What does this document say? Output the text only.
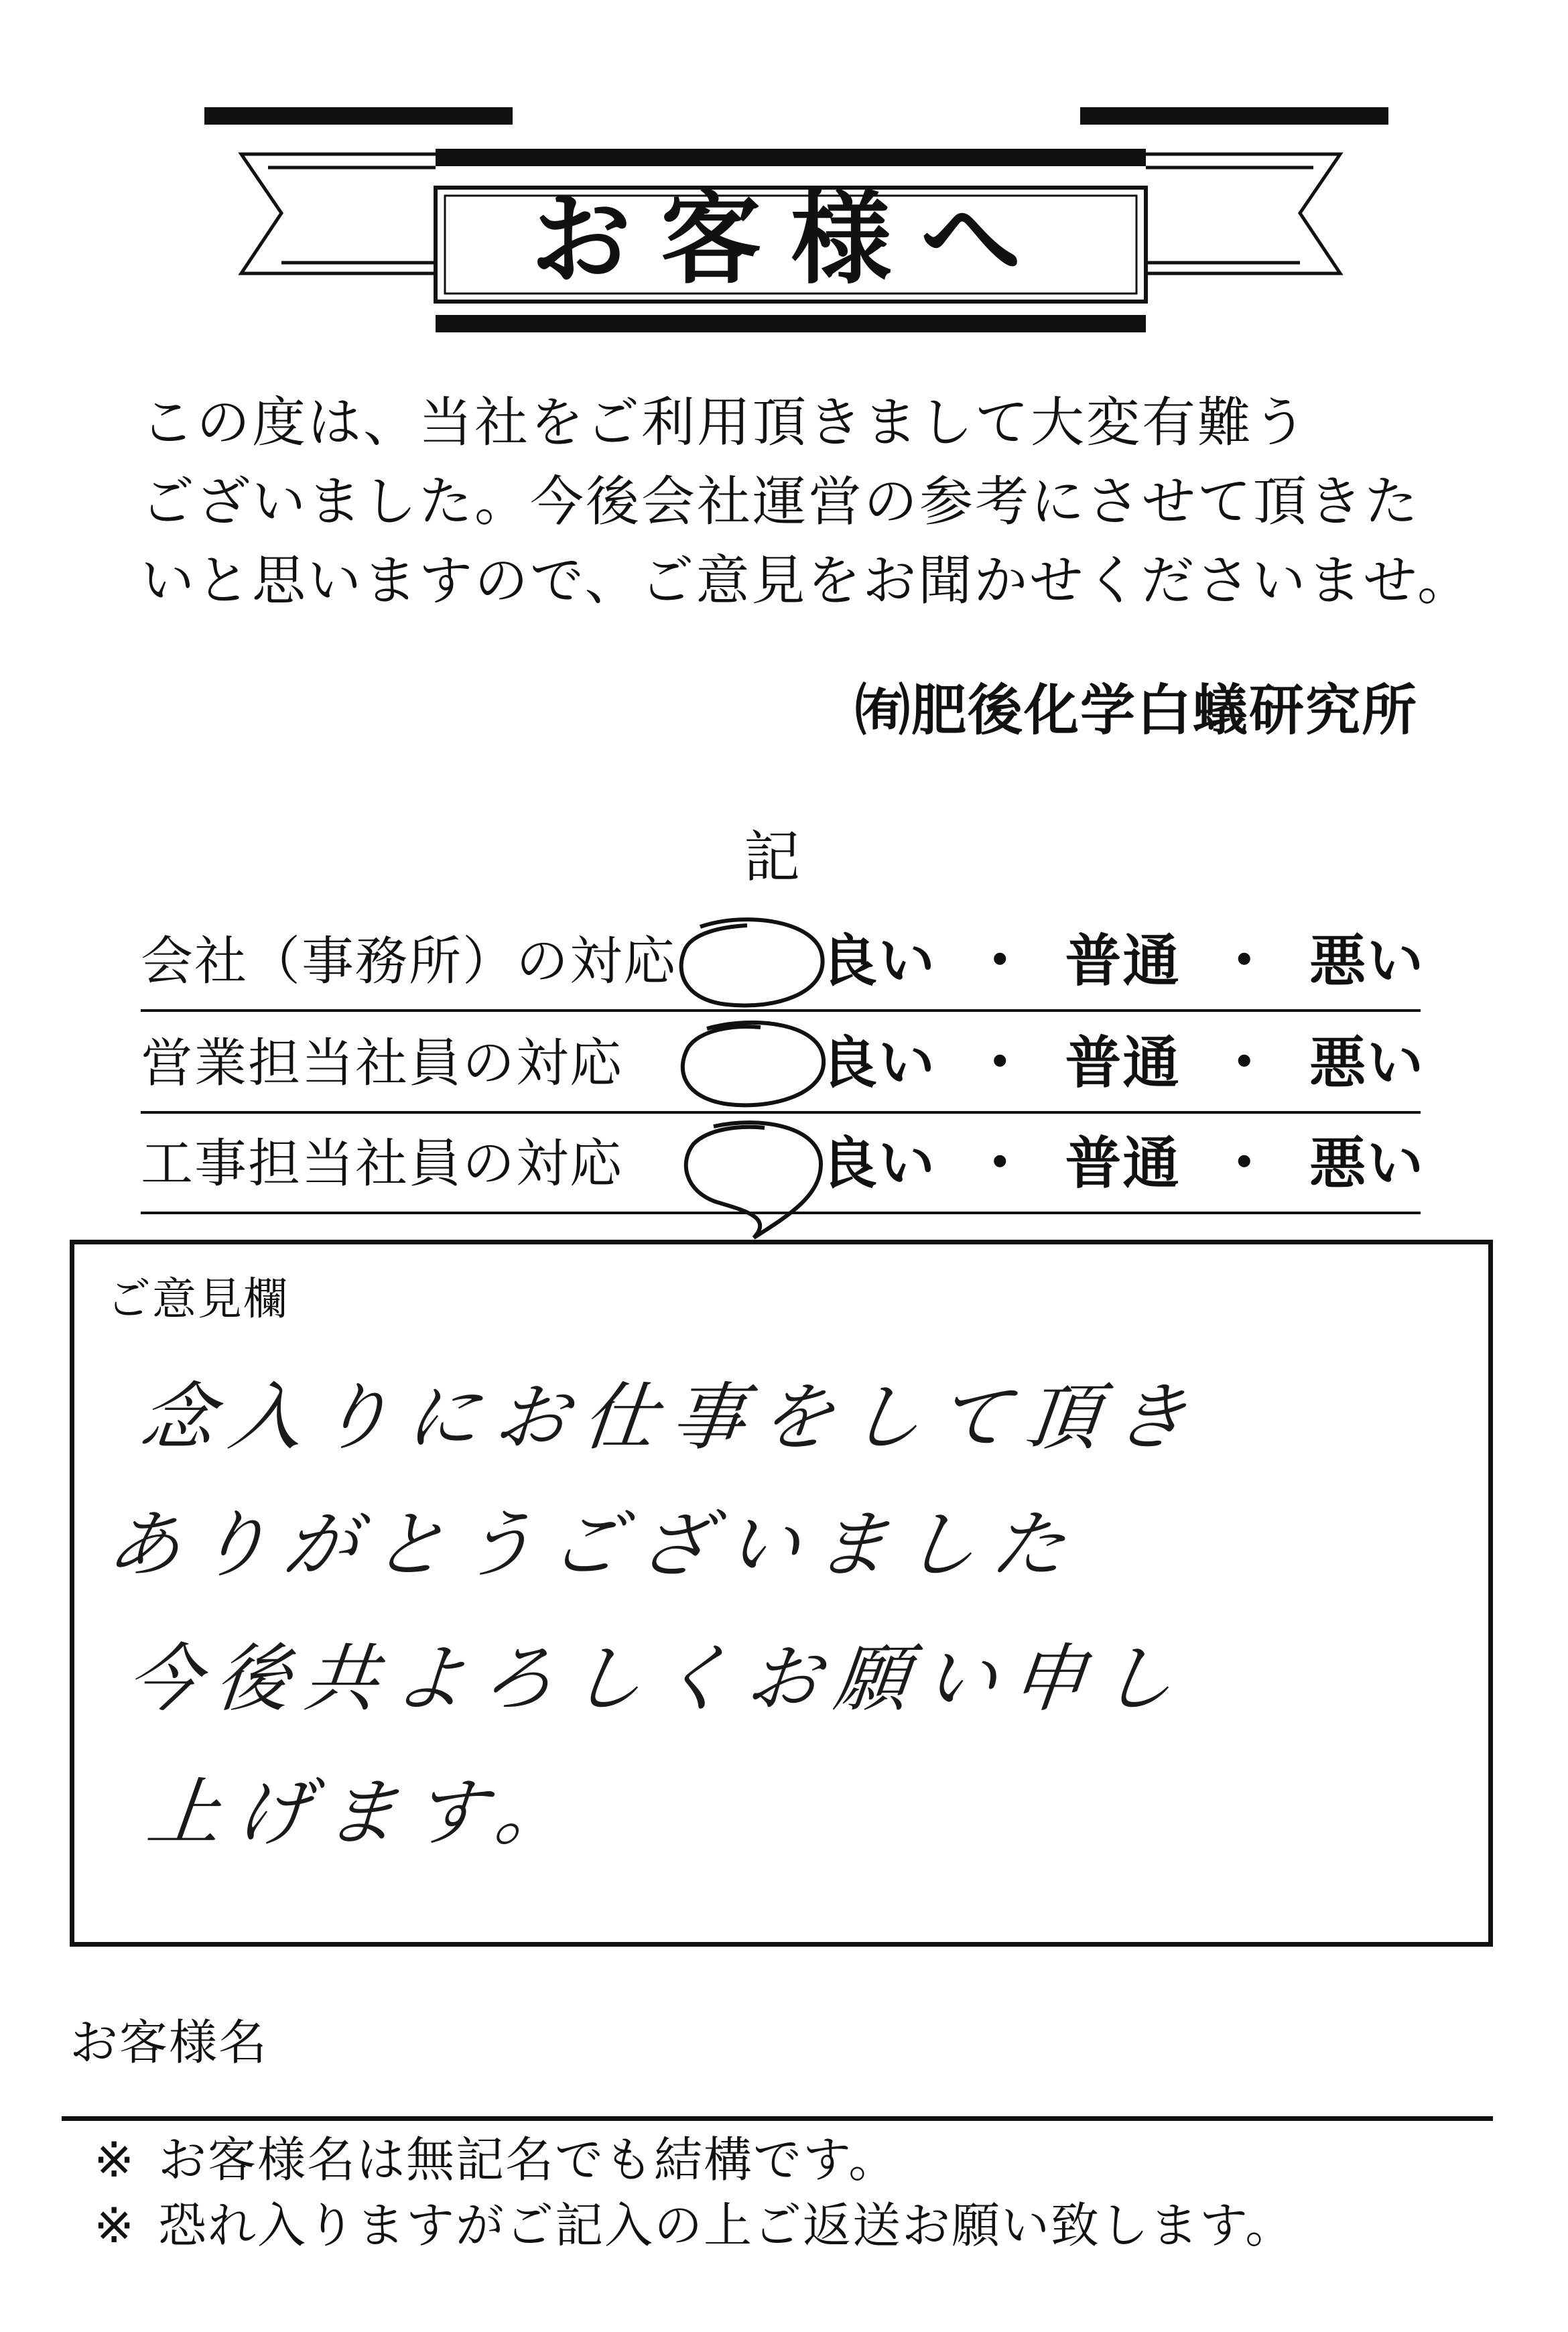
お客様へ
この度は、当社をご利用頂きまして大変有難う
ございました。今後会社運営の参考にさせて頂きた
いと思いますので、ご意見をお聞かせくださいませ。
㈲肥後化学白蟻研究所
記
会社（事務所）の対応	良い ・ 普通 ・ 悪い
営業担当社員の対応	良い ・ 普通 ・ 悪い
工事担当社員の対応	良い ・ 普通 ・ 悪い
ご意見欄
念入りにお仕事をして頂き
ありがとうございました
今後共よろしくお願い申し
上げます。
お客様名
※ お客様名は無記名でも結構です。
※ 恐れ入りますがご記入の上ご返送お願い致します。
